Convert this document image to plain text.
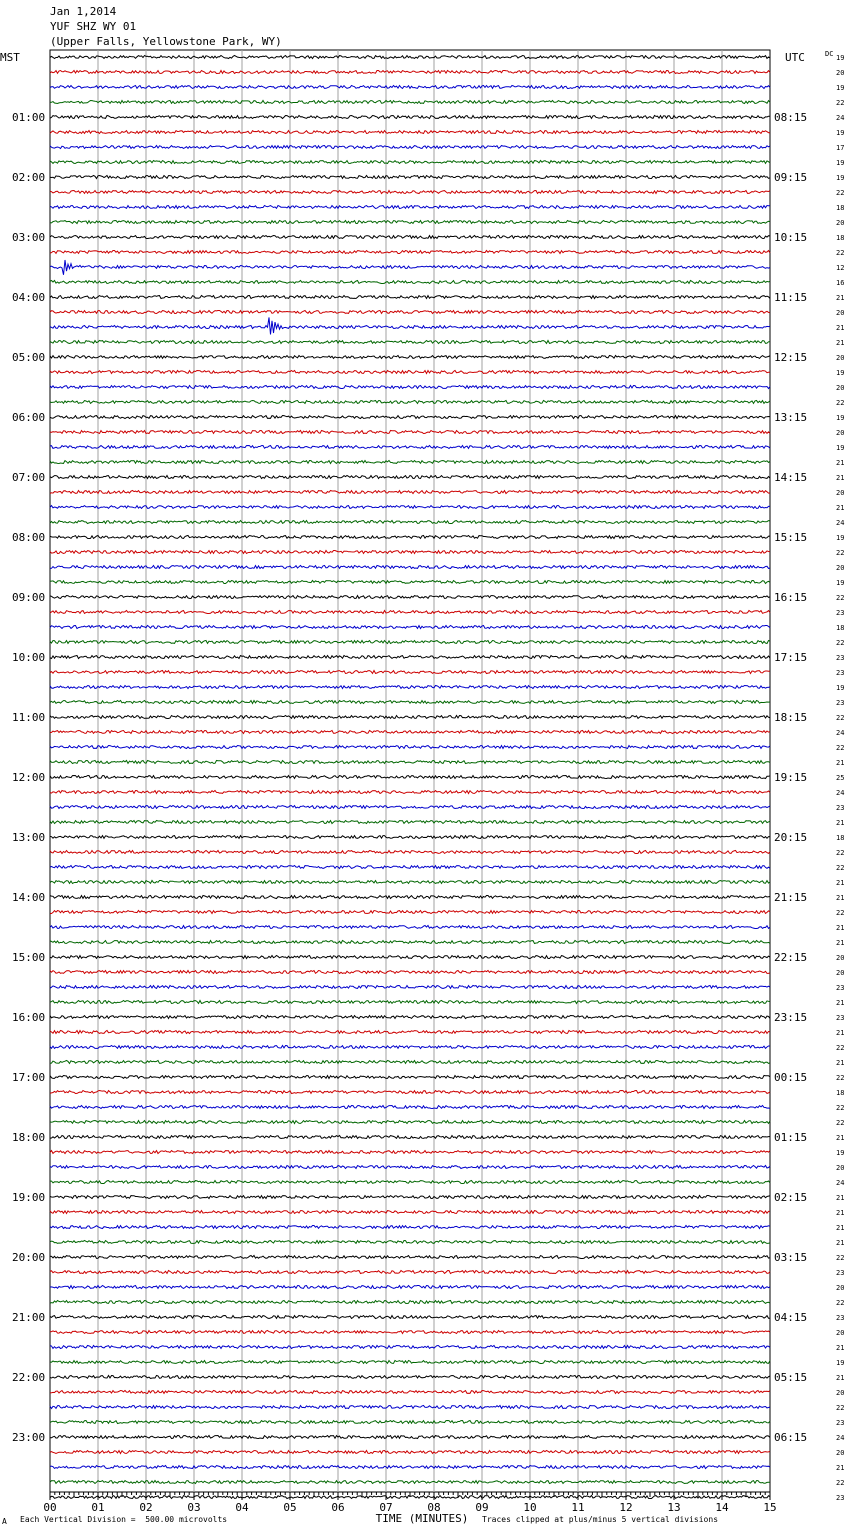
Jan 1,2014
YUF SHZ WY 01
(Upper Falls, Yellowstone Park, WY)
00	01	02	03	04	05	06	07	08	09	10	11	12	13	14	15
TIME (MINUTES)
MST	UTC	DC
01:00
02:00
03:00
04:00
05:00
06:00
07:00
08:00
09:00
10:00
11:00
12:00
13:00
14:00
15:00
16:00
17:00
18:00
19:00
20:00
21:00
22:00
23:00
08:15
09:15
10:15
11:15
12:15
13:15
14:15
15:15
16:15
17:15
18:15
19:15
20:15
21:15
22:15
23:15
00:15
01:15
02:15
03:15
04:15
05:15
06:15
19
20
19
22
24
19
17
19
19
22
18
20
18
22
12
16
21
20
21
21
20
19
20
22
19
20
19
21
21
20
21
24
19
22
20
19
22
23
18
22
23
23
19
23
22
24
22
21
25
24
23
21
18
22
22
21
21
22
21
21
20
20
23
21
23
21
22
21
22
18
22
22
21
19
20
24
21
21
21
21
22
23
20
22
23
20
21
19
21
20
22
23
24
20
21
22
23
A Each Vertical Division =  500.00 microvolts	Traces clipped at plus/minus 5 vertical divisions
